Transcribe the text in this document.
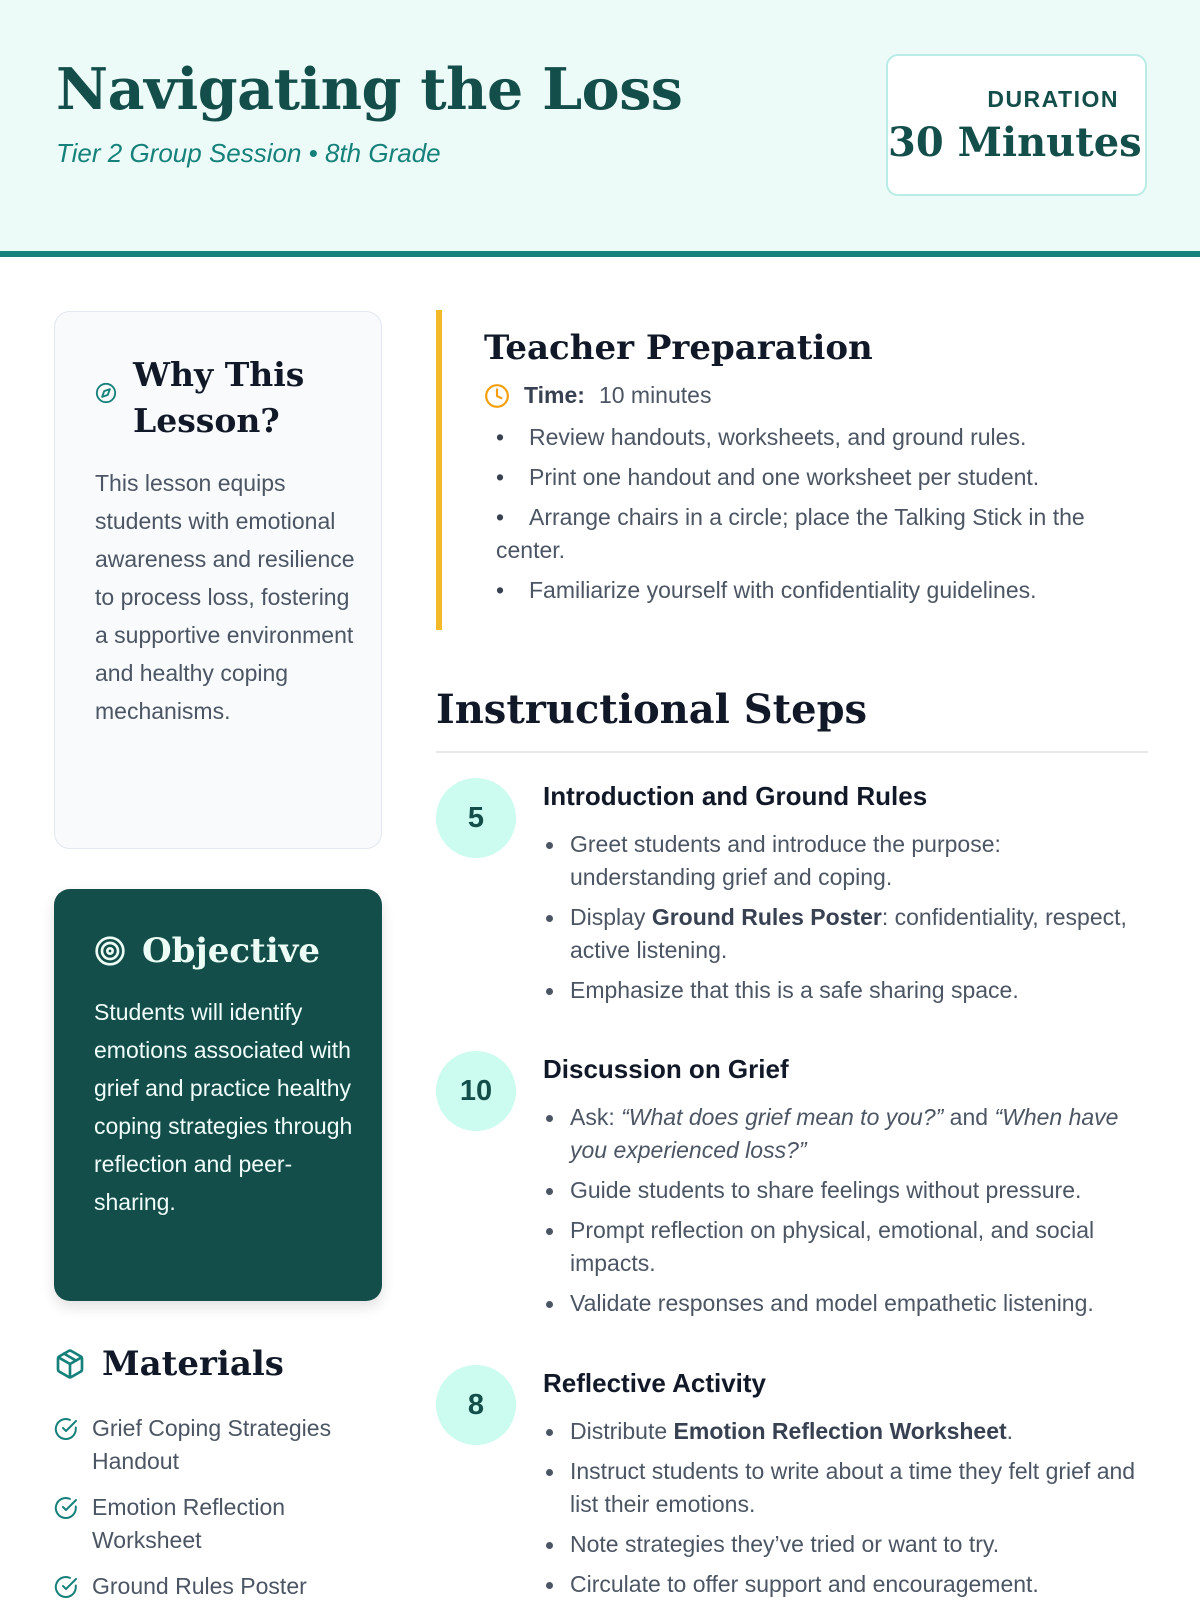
Navigating the Loss
Tier 2 Group Session • 8th Grade
DURATION
30 Minutes
Why This Lesson?
This lesson equips students with emotional awareness and resilience to process loss, fostering a supportive environment and healthy coping mechanisms.
Objective
Students will identify emotions associated with grief and practice healthy coping strategies through reflection and peer-sharing.
Materials
Grief Coping Strategies Handout
Emotion Reflection Worksheet
Ground Rules Poster
Teacher Preparation
Time: 10 minutes
• Review handouts, worksheets, and ground rules.
• Print one handout and one worksheet per student.
• Arrange chairs in a circle; place the Talking Stick in the center.
• Familiarize yourself with confidentiality guidelines.
Instructional Steps
5
Introduction and Ground Rules
Greet students and introduce the purpose: understanding grief and coping.
Display Ground Rules Poster: confidentiality, respect, active listening.
Emphasize that this is a safe sharing space.
10
Discussion on Grief
Ask: “What does grief mean to you?” and “When have you experienced loss?”
Guide students to share feelings without pressure.
Prompt reflection on physical, emotional, and social impacts.
Validate responses and model empathetic listening.
8
Reflective Activity
Distribute Emotion Reflection Worksheet.
Instruct students to write about a time they felt grief and list their emotions.
Note strategies they’ve tried or want to try.
Circulate to offer support and encouragement.
